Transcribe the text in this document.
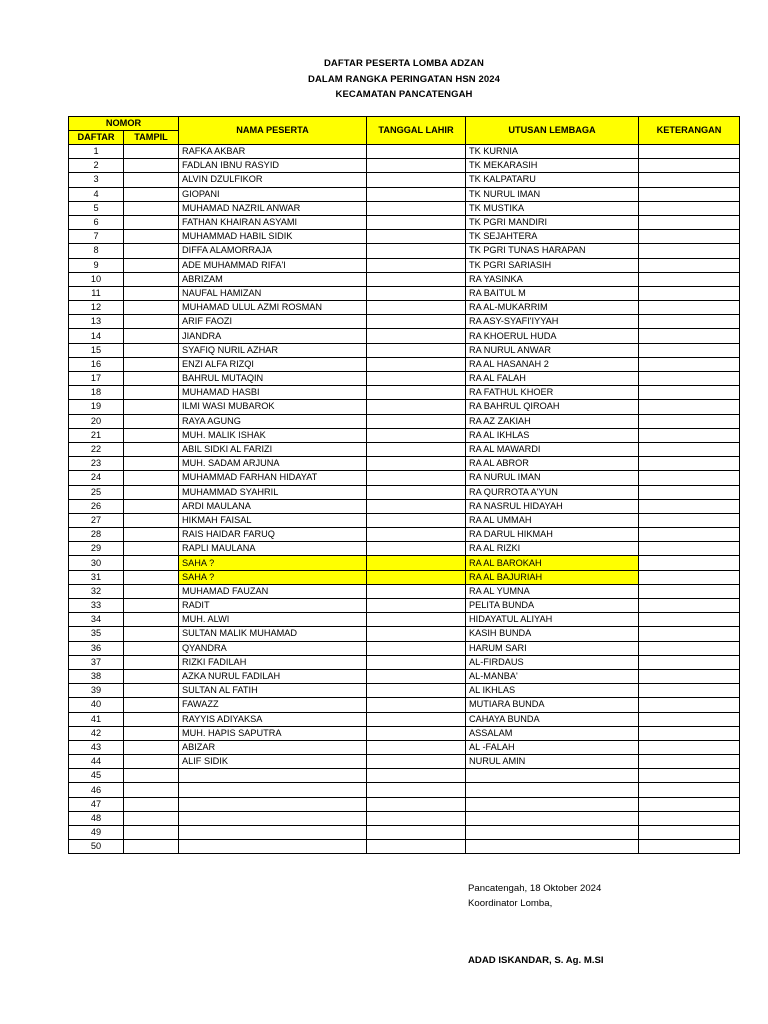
DAFTAR PESERTA LOMBA ADZAN
DALAM RANGKA PERINGATAN HSN 2024
KECAMATAN PANCATENGAH
NOMOR		NAMA PESERTA	TANGGAL LAHIR	UTUSAN LEMBAGA	KETERANGAN
DAFTAR	TAMPIL				
1		RAFKA AKBAR		TK KURNIA	
2		FADLAN IBNU RASYID		TK MEKARASIH	
3		ALVIN DZULFIKOR		TK KALPATARU	
4		GIOPANI		TK NURUL IMAN	
5		MUHAMAD NAZRIL ANWAR		TK MUSTIKA	
6		FATHAN KHAIRAN ASYAMI		TK PGRI MANDIRI	
7		MUHAMMAD HABIL SIDIK		TK SEJAHTERA	
8		DIFFA ALAMORRAJA		TK PGRI TUNAS HARAPAN	
9		ADE MUHAMMAD RIFA'I		TK PGRI SARIASIH	
10		ABRIZAM		RA YASINKA	
11		NAUFAL HAMIZAN		RA BAITUL M	
12		MUHAMAD ULUL AZMI ROSMAN		RA AL-MUKARRIM	
13		ARIF FAOZI		RA ASY-SYAFI'IYYAH	
14		JIANDRA		RA KHOERUL HUDA	
15		SYAFIQ NURIL AZHAR		RA NURUL ANWAR	
16		ENZI ALFA RIZQI		RA AL HASANAH 2	
17		BAHRUL MUTAQIN		RA AL FALAH	
18		MUHAMAD HASBI		RA FATHUL KHOER	
19		ILMI WASI MUBAROK		RA BAHRUL QIROAH	
20		RAYA AGUNG		RA AZ ZAKIAH	
21		MUH. MALIK ISHAK		RA AL IKHLAS	
22		ABIL SIDKI AL FARIZI		RA AL MAWARDI	
23		MUH. SADAM ARJUNA		RA AL ABROR	
24		MUHAMMAD FARHAN HIDAYAT		RA NURUL IMAN	
25		MUHAMMAD SYAHRIL		RA QURROTA A'YUN	
26		ARDI MAULANA		RA NASRUL HIDAYAH	
27		HIKMAH FAISAL		RA AL UMMAH	
28		RAIS HAIDAR FARUQ		RA DARUL HIKMAH	
29		RAPLI MAULANA		RA AL RIZKI	
30		SAHA ?		RA AL BAROKAH	
31		SAHA ?		RA AL BAJURIAH	
32		MUHAMAD FAUZAN		RA AL YUMNA	
33		RADIT		PELITA BUNDA	
34		MUH. ALWI		HIDAYATUL ALIYAH	
35		SULTAN MALIK MUHAMAD		KASIH BUNDA	
36		QYANDRA		HARUM SARI	
37		RIZKI FADILAH		AL-FIRDAUS	
38		AZKA NURUL FADILAH		AL-MANBA'	
39		SULTAN AL FATIH		AL IKHLAS	
40		FAWAZZ		MUTIARA BUNDA	
41		RAYYIS ADIYAKSA		CAHAYA BUNDA	
42		MUH. HAPIS SAPUTRA		ASSALAM	
43		ABIZAR		AL -FALAH	
44		ALIF SIDIK		NURUL AMIN	
45					
46					
47					
48					
49					
50					
Pancatengah, 18 Oktober 2024
Koordinator Lomba,
ADAD ISKANDAR, S. Ag. M.SI
